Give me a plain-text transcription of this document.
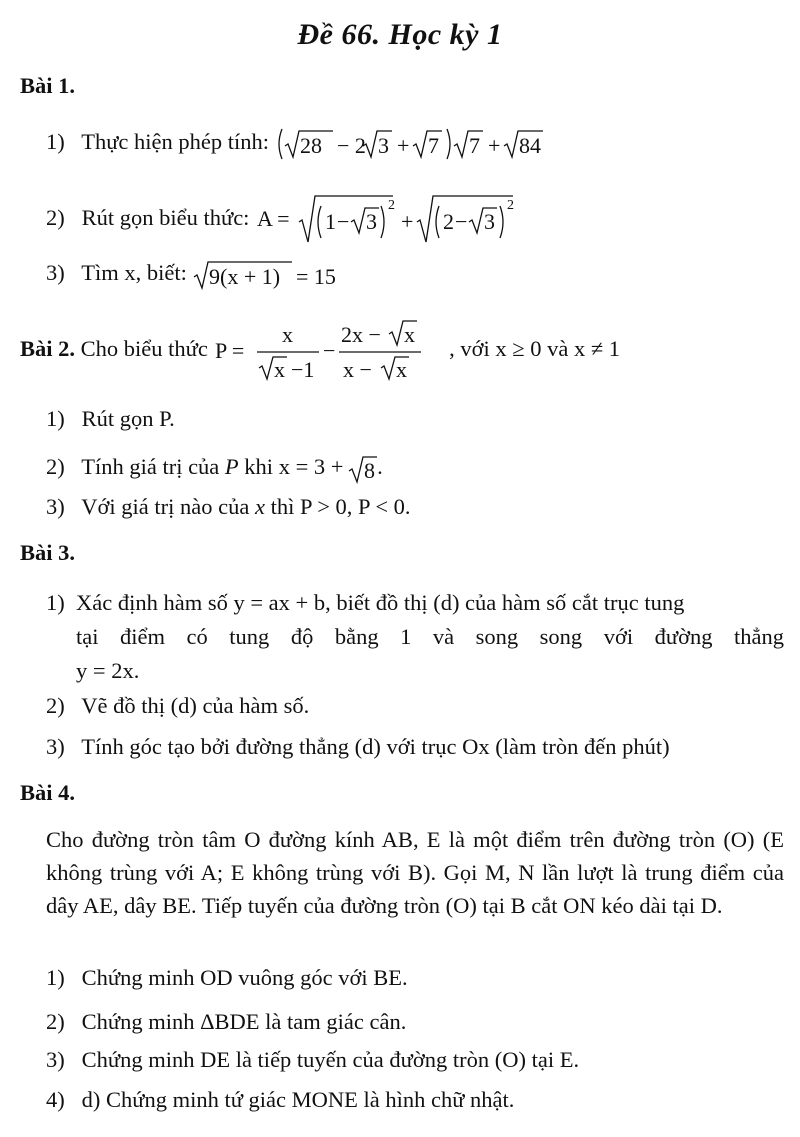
Đề 66. Học kỳ 1
Bài 1.
1) Thực hiện phép tính: 28 − 2 3 + 7 7 + 84
2) Rút gọn biểu thức: A = 1 − 3
2
+ 2 − 3
2
3) Tìm x, biết: 9(x + 1) = 15
Bài 2. Cho biểu thức P =
x
x −1
−
2x − x
x − x
, với x ≥ 0 và x ≠ 1
1) Rút gọn P.
2) Tính giá trị của P khi x = 3 + 8 .
3) Với giá trị nào của x thì P > 0, P < 0.
Bài 3.
1) Xác định hàm số y = ax + b, biết đồ thị (d) của hàm số cắt trục tung
tại điểm có tung độ bằng 1 và song song với đường thẳng
y = 2x.
2) Vẽ đồ thị (d) của hàm số.
3) Tính góc tạo bởi đường thẳng (d) với trục Ox (làm tròn đến phút)
Bài 4.
Cho đường tròn tâm O đường kính AB, E là một điểm trên đường tròn (O) (E không trùng với A; E không trùng với B). Gọi M, N lần lượt là trung điểm của dây AE, dây BE. Tiếp tuyến của đường tròn (O) tại B cắt ON kéo dài tại D.
1) Chứng minh OD vuông góc với BE.
2) Chứng minh ΔBDE là tam giác cân.
3) Chứng minh DE là tiếp tuyến của đường tròn (O) tại E.
4) d) Chứng minh tứ giác MONE là hình chữ nhật.
